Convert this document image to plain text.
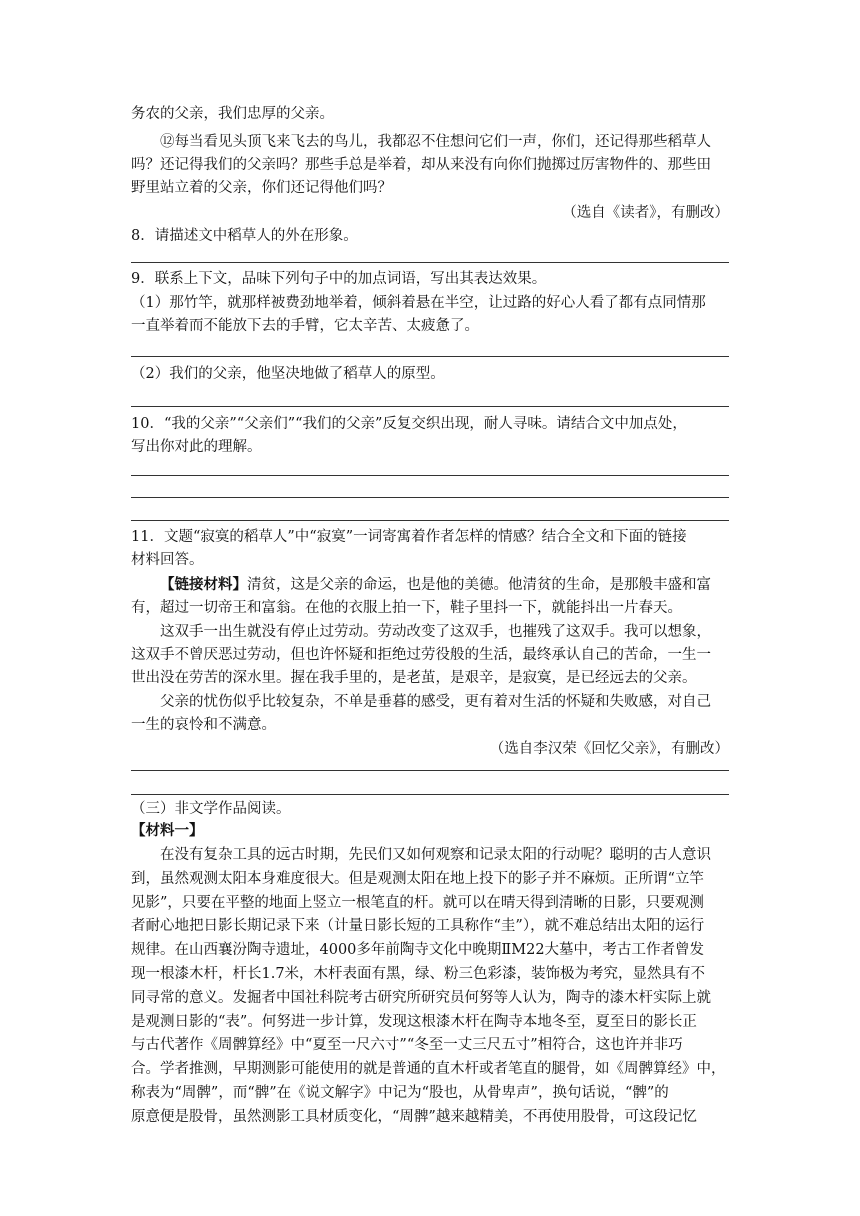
务农的父亲，我们忠厚的父亲。
⑫每当看见头顶飞来飞去的鸟儿，我都忍不住想问它们一声，你们，还记得那些稻草人
吗？还记得我们的父亲吗？那些手总是举着，却从来没有向你们抛掷过厉害物件的、那些田
野里站立着的父亲，你们还记得他们吗？
（选自《读者》，有删改）
8．请描述文中稻草人的外在形象。
9．联系上下文，品味下列句子中的加点词语，写出其表达效果。
（1）那竹竿，就那样被费劲地举着，倾斜着悬在半空，让过路的好心人看了都有点同情那
一直举着而不能放下去的手臂，它太辛苦、太疲惫了。
（2）我们的父亲，他坚决地做了稻草人的原型。
10．“我的父亲”“父亲们”“我们的父亲”反复交织出现，耐人寻味。请结合文中加点处，
写出你对此的理解。
11．文题“寂寞的稻草人”中“寂寞”一词寄寓着作者怎样的情感？结合全文和下面的链接
材料回答。
【链接材料】清贫，这是父亲的命运，也是他的美德。他清贫的生命，是那般丰盛和富
有，超过一切帝王和富翁。在他的衣服上拍一下，鞋子里抖一下，就能抖出一片春天。
这双手一出生就没有停止过劳动。劳动改变了这双手，也摧残了这双手。我可以想象，
这双手不曾厌恶过劳动，但也许怀疑和拒绝过劳役般的生活，最终承认自己的苦命，一生一
世出没在劳苦的深水里。握在我手里的，是老茧，是艰辛，是寂寞，是已经远去的父亲。
父亲的忧伤似乎比较复杂，不单是垂暮的感受，更有着对生活的怀疑和失败感，对自己
一生的哀怜和不满意。
（选自李汉荣《回忆父亲》，有删改）
（三）非文学作品阅读。
【材料一】
在没有复杂工具的远古时期，先民们又如何观察和记录太阳的行动呢？聪明的古人意识
到，虽然观测太阳本身难度很大。但是观测太阳在地上投下的影子并不麻烦。正所谓“立竿
见影”，只要在平整的地面上竖立一根笔直的杆。就可以在晴天得到清晰的日影，只要观测
者耐心地把日影长期记录下来（计量日影长短的工具称作“圭”），就不难总结出太阳的运行
规律。在山西襄汾陶寺遗址，4000多年前陶寺文化中晚期ⅡM22大墓中，考古工作者曾发
现一根漆木杆，杆长1.7米，木杆表面有黑，绿、粉三色彩漆，装饰极为考究，显然具有不
同寻常的意义。发掘者中国社科院考古研究所研究员何努等人认为，陶寺的漆木杆实际上就
是观测日影的“表”。何努进一步计算，发现这根漆木杆在陶寺本地冬至，夏至日的影长正
与古代著作《周髀算经》中“夏至一尺六寸”“冬至一丈三尺五寸”相符合，这也许并非巧
合。学者推测，早期测影可能使用的就是普通的直木杆或者笔直的腿骨，如《周髀算经》中，
称表为“周髀”，而“髀”在《说文解字》中记为“股也，从骨卑声”，换句话说，“髀”的
原意便是股骨，虽然测影工具材质变化，“周髀”越来越精美，不再使用股骨，可这段记忆
